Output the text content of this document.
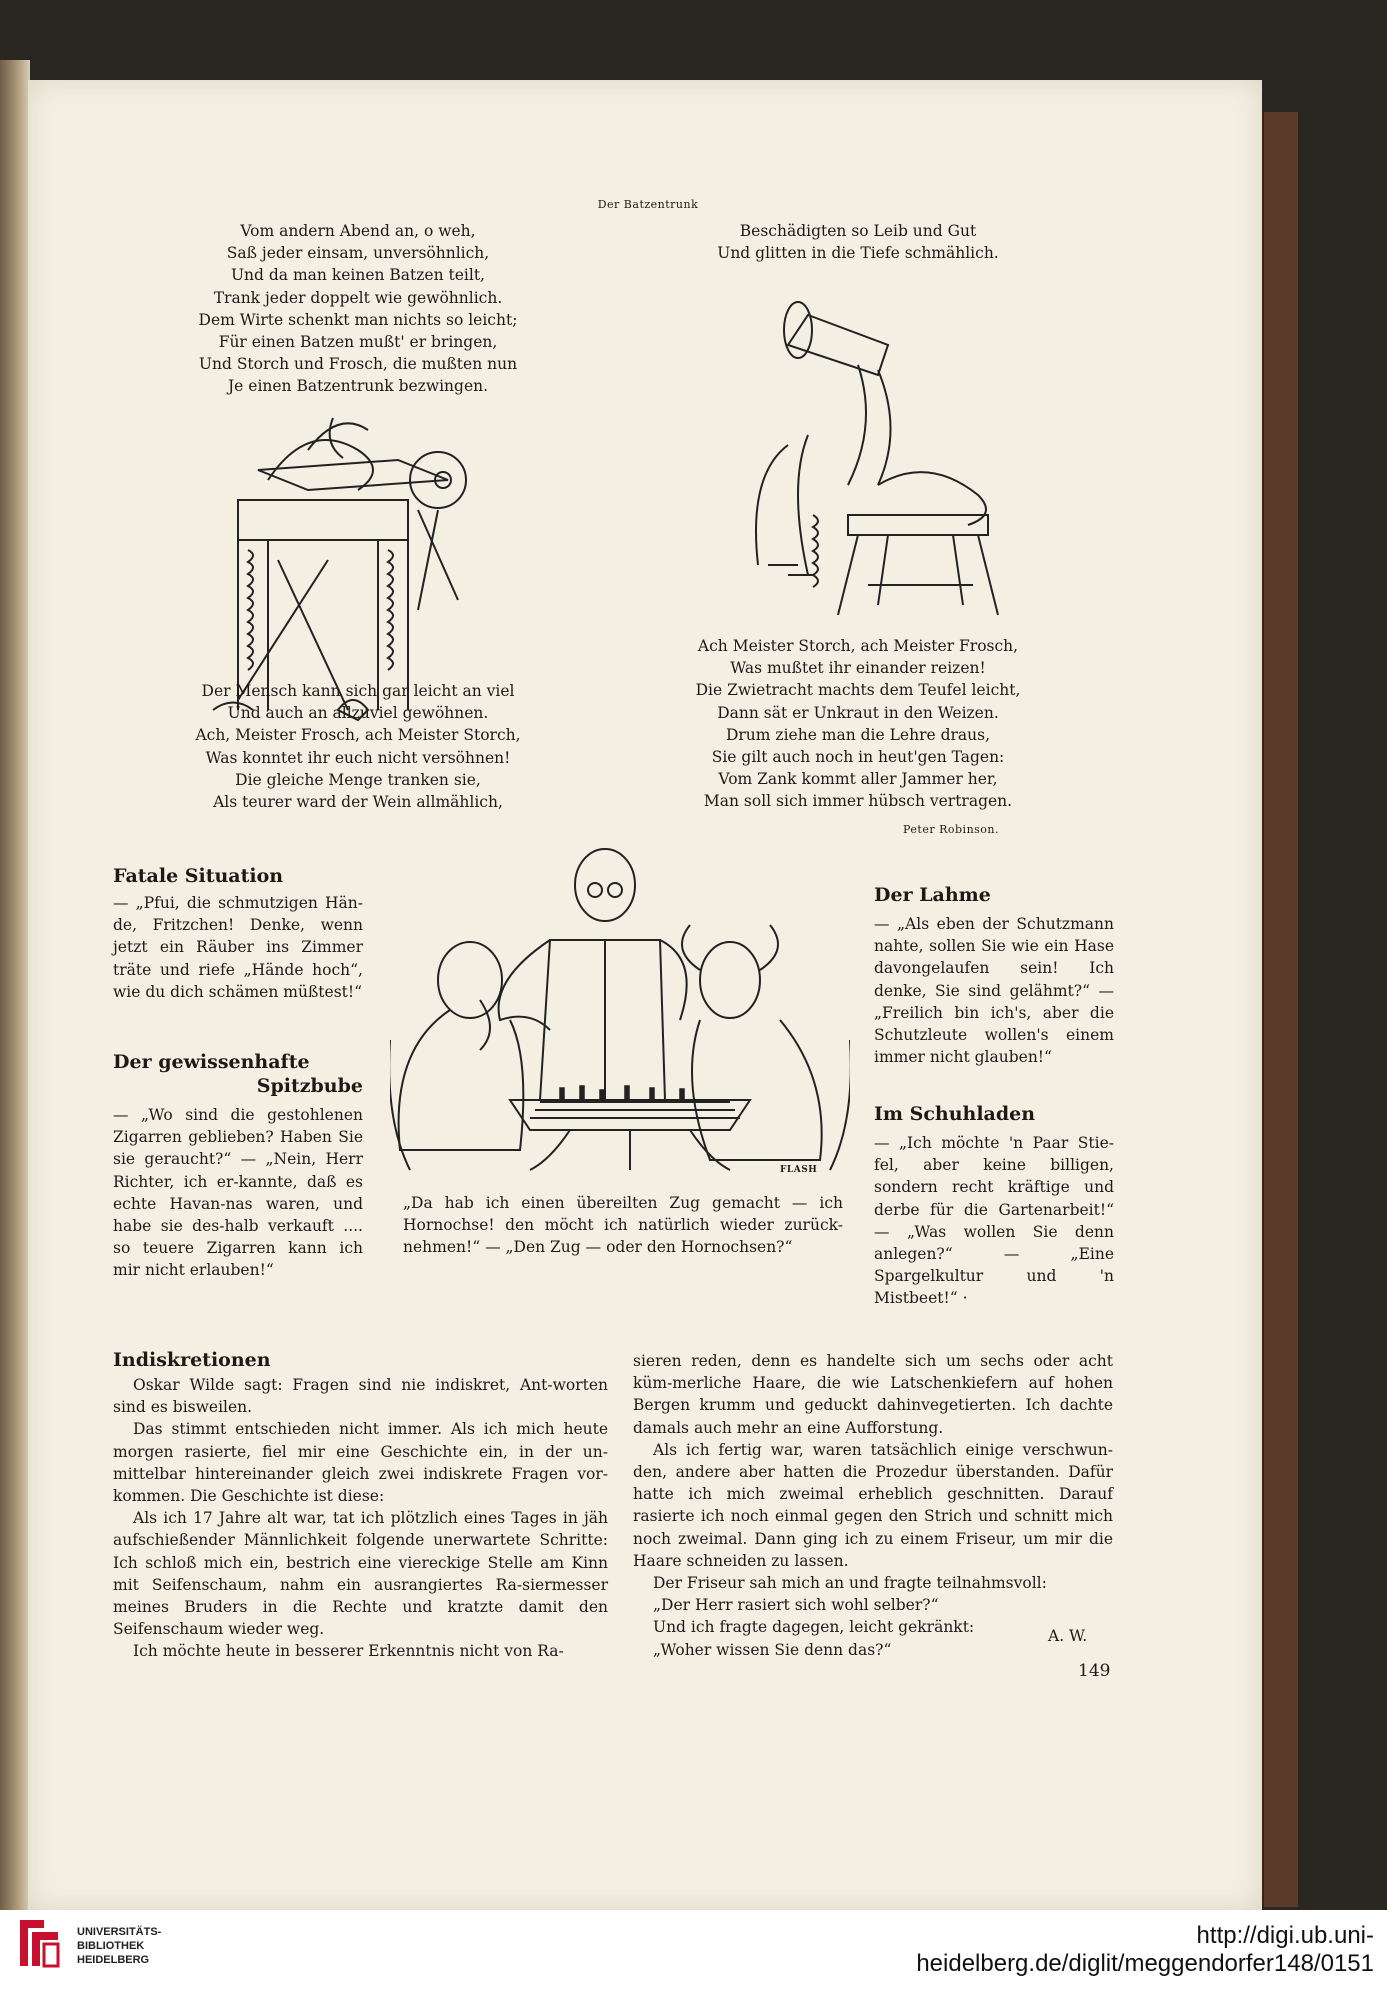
Der Batzentrunk
Vom andern Abend an, o weh,
Saß jeder einsam, unversöhnlich,
Und da man keinen Batzen teilt,
Trank jeder doppelt wie gewöhnlich.
Dem Wirte schenkt man nichts so leicht;
Für einen Batzen mußt' er bringen,
Und Storch und Frosch, die mußten nun
Je einen Batzentrunk bezwingen.
Beschädigten so Leib und Gut
Und glitten in die Tiefe schmählich.
Der Mensch kann sich gar leicht an viel
Und auch an allzuviel gewöhnen.
Ach, Meister Frosch, ach Meister Storch,
Was konntet ihr euch nicht versöhnen!
Die gleiche Menge tranken sie,
Als teurer ward der Wein allmählich,
Ach Meister Storch, ach Meister Frosch,
Was mußtet ihr einander reizen!
Die Zwietracht machts dem Teufel leicht,
Dann sät er Unkraut in den Weizen.
Drum ziehe man die Lehre draus,
Sie gilt auch noch in heut'gen Tagen:
Vom Zank kommt aller Jammer her,
Man soll sich immer hübsch vertragen.
Peter Robinson.
Fatale Situation

— „Pfui, die schmutzigen Hän-de, Fritzchen! Denke, wenn jetzt ein Räuber ins Zimmer träte und riefe „Hände hoch“, wie du dich schämen müßtest!“

Der gewissenhafte
Spitzbube

— „Wo sind die gestohlenen Zigarren geblieben? Haben Sie sie geraucht?“ — „Nein, Herr Richter, ich er-kannte, daß es echte Havan-nas waren, und habe sie des-halb verkauft .... so teuere Zigarren kann ich mir nicht erlauben!“

FLASH

„Da hab ich einen übereilten Zug gemacht — ich Hornochse! den möcht ich natürlich wieder zurück-nehmen!“ — „Den Zug — oder den Hornochsen?“

Der Lahme

— „Als eben der Schutzmann nahte, sollen Sie wie ein Hase davongelaufen sein! Ich denke, Sie sind gelähmt?“ — „Freilich bin ich's, aber die Schutzleute wollen's einem immer nicht glauben!“

Im Schuhladen

— „Ich möchte 'n Paar Stie-fel, aber keine billigen, sondern recht kräftige und derbe für die Gartenarbeit!“ — „Was wollen Sie denn anlegen?“ — „Eine Spargelkultur und 'n Mistbeet!“ ·

Indiskretionen

Oskar Wilde sagt: Fragen sind nie indiskret, Ant-worten sind es bisweilen.

Das stimmt entschieden nicht immer. Als ich mich heute morgen rasierte, fiel mir eine Geschichte ein, in der un-mittelbar hintereinander gleich zwei indiskrete Fragen vor-kommen. Die Geschichte ist diese:

Als ich 17 Jahre alt war, tat ich plötzlich eines Tages in jäh aufschießender Männlichkeit folgende unerwartete Schritte: Ich schloß mich ein, bestrich eine viereckige Stelle am Kinn mit Seifenschaum, nahm ein ausrangiertes Ra-siermesser meines Bruders in die Rechte und kratzte damit den Seifenschaum wieder weg.

Ich möchte heute in besserer Erkenntnis nicht von Ra-

sieren reden, denn es handelte sich um sechs oder acht küm-merliche Haare, die wie Latschenkiefern auf hohen Bergen krumm und geduckt dahinvegetierten. Ich dachte damals auch mehr an eine Aufforstung.

Als ich fertig war, waren tatsächlich einige verschwun-den, andere aber hatten die Prozedur überstanden. Dafür hatte ich mich zweimal erheblich geschnitten. Darauf rasierte ich noch einmal gegen den Strich und schnitt mich noch zweimal. Dann ging ich zu einem Friseur, um mir die Haare schneiden zu lassen.

Der Friseur sah mich an und fragte teilnahmsvoll:

„Der Herr rasiert sich wohl selber?“

Und ich fragte dagegen, leicht gekränkt:

„Woher wissen Sie denn das?“

A. W.
149
UNIVERSITÄTS-
BIBLIOTHEK
HEIDELBERG
http://digi.ub.uni-heidelberg.de/diglit/meggendorfer148/0151
